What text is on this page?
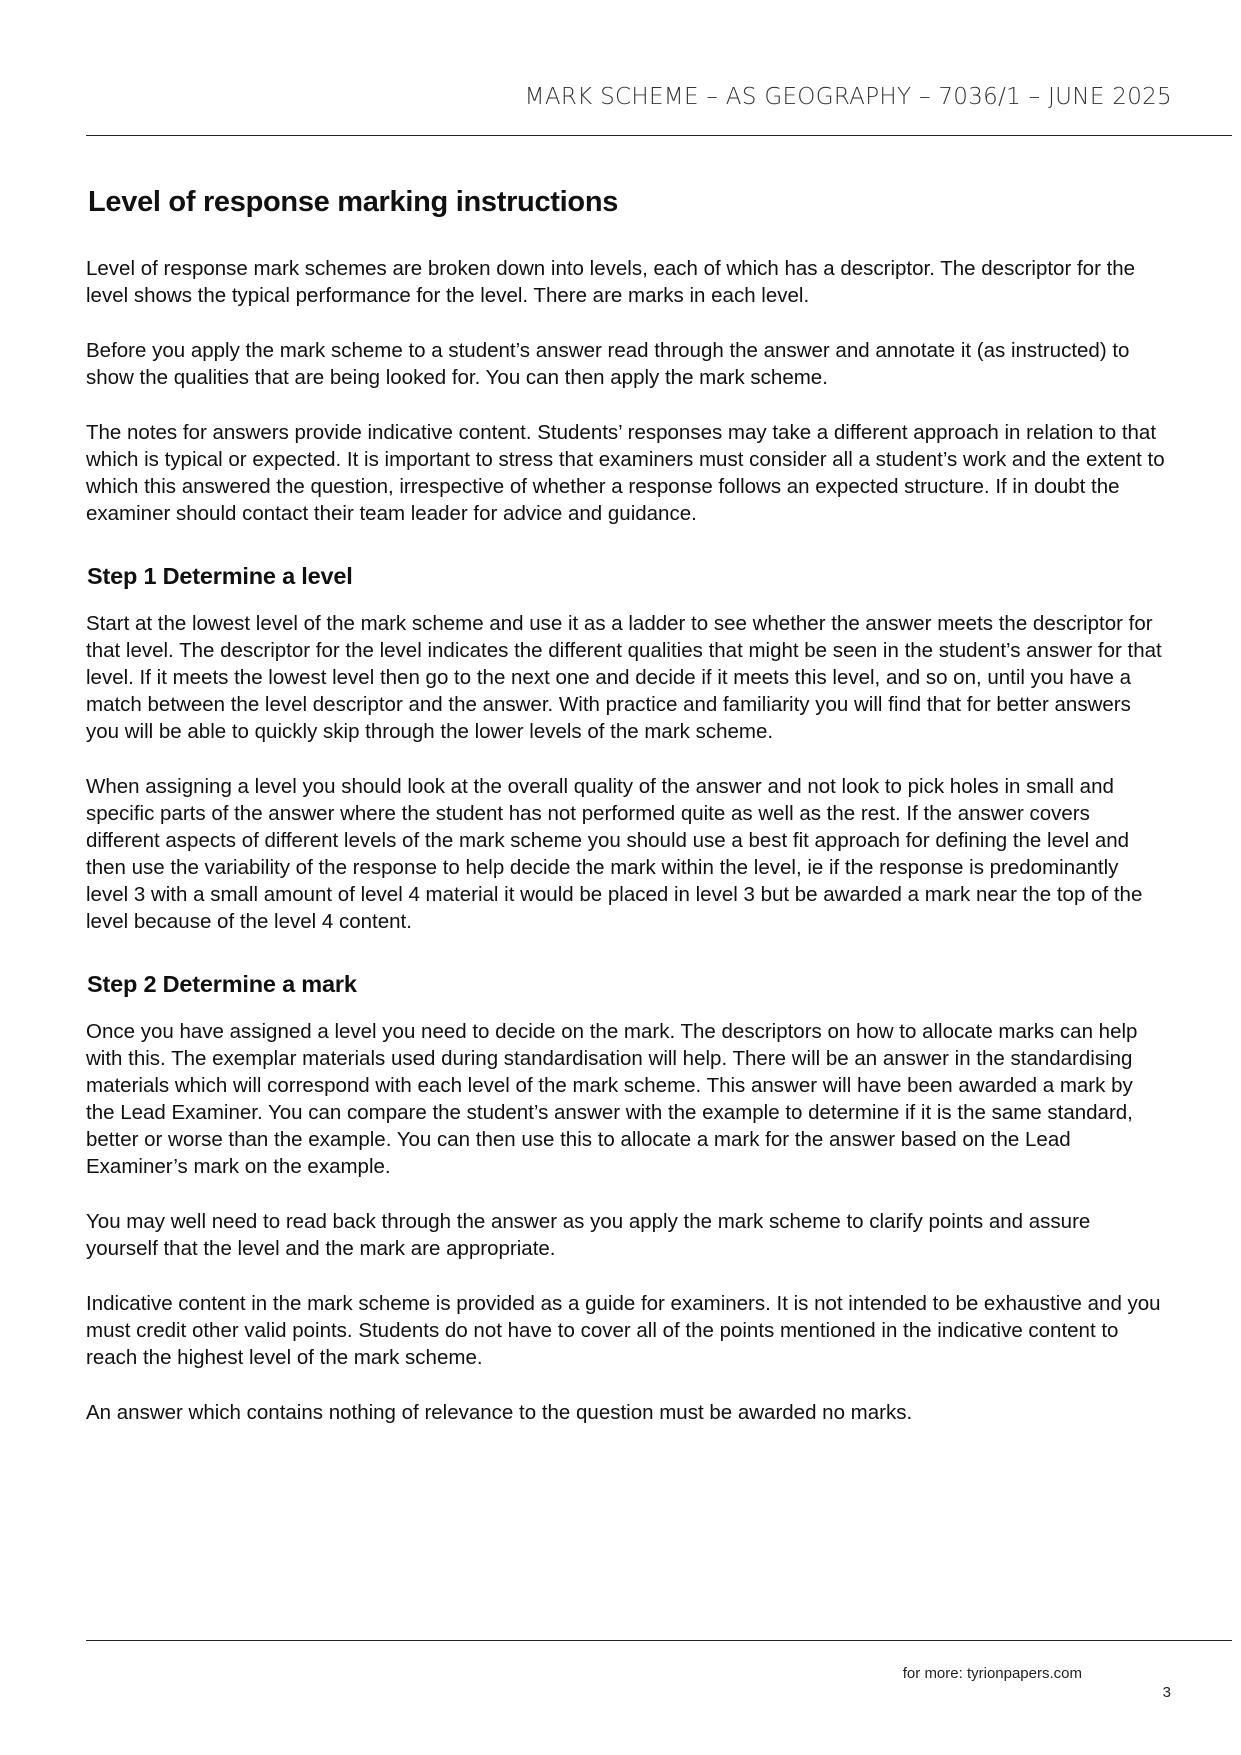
MARK SCHEME – AS GEOGRAPHY – 7036/1 – JUNE 2025
Level of response marking instructions

Level of response mark schemes are broken down into levels, each of which has a descriptor. The descriptor for the level shows the typical performance for the level. There are marks in each level.

Before you apply the mark scheme to a student’s answer read through the answer and annotate it (as instructed) to show the qualities that are being looked for. You can then apply the mark scheme.

The notes for answers provide indicative content. Students’ responses may take a different approach in relation to that which is typical or expected. It is important to stress that examiners must consider all a student’s work and the extent to which this answered the question, irrespective of whether a response follows an expected structure. If in doubt the examiner should contact their team leader for advice and guidance.

Step 1 Determine a level

Start at the lowest level of the mark scheme and use it as a ladder to see whether the answer meets the descriptor for that level. The descriptor for the level indicates the different qualities that might be seen in the student’s answer for that level. If it meets the lowest level then go to the next one and decide if it meets this level, and so on, until you have a match between the level descriptor and the answer. With practice and familiarity you will find that for better answers you will be able to quickly skip through the lower levels of the mark scheme.

When assigning a level you should look at the overall quality of the answer and not look to pick holes in small and specific parts of the answer where the student has not performed quite as well as the rest. If the answer covers different aspects of different levels of the mark scheme you should use a best fit approach for defining the level and then use the variability of the response to help decide the mark within the level, ie if the response is predominantly level 3 with a small amount of level 4 material it would be placed in level 3 but be awarded a mark near the top of the level because of the level 4 content.

Step 2 Determine a mark

Once you have assigned a level you need to decide on the mark. The descriptors on how to allocate marks can help with this. The exemplar materials used during standardisation will help. There will be an answer in the standardising materials which will correspond with each level of the mark scheme. This answer will have been awarded a mark by the Lead Examiner. You can compare the student’s answer with the example to determine if it is the same standard, better or worse than the example. You can then use this to allocate a mark for the answer based on the Lead Examiner’s mark on the example.

You may well need to read back through the answer as you apply the mark scheme to clarify points and assure yourself that the level and the mark are appropriate.

Indicative content in the mark scheme is provided as a guide for examiners. It is not intended to be exhaustive and you must credit other valid points. Students do not have to cover all of the points mentioned in the indicative content to reach the highest level of the mark scheme.

An answer which contains nothing of relevance to the question must be awarded no marks.

for more: tyrionpapers.com
3
